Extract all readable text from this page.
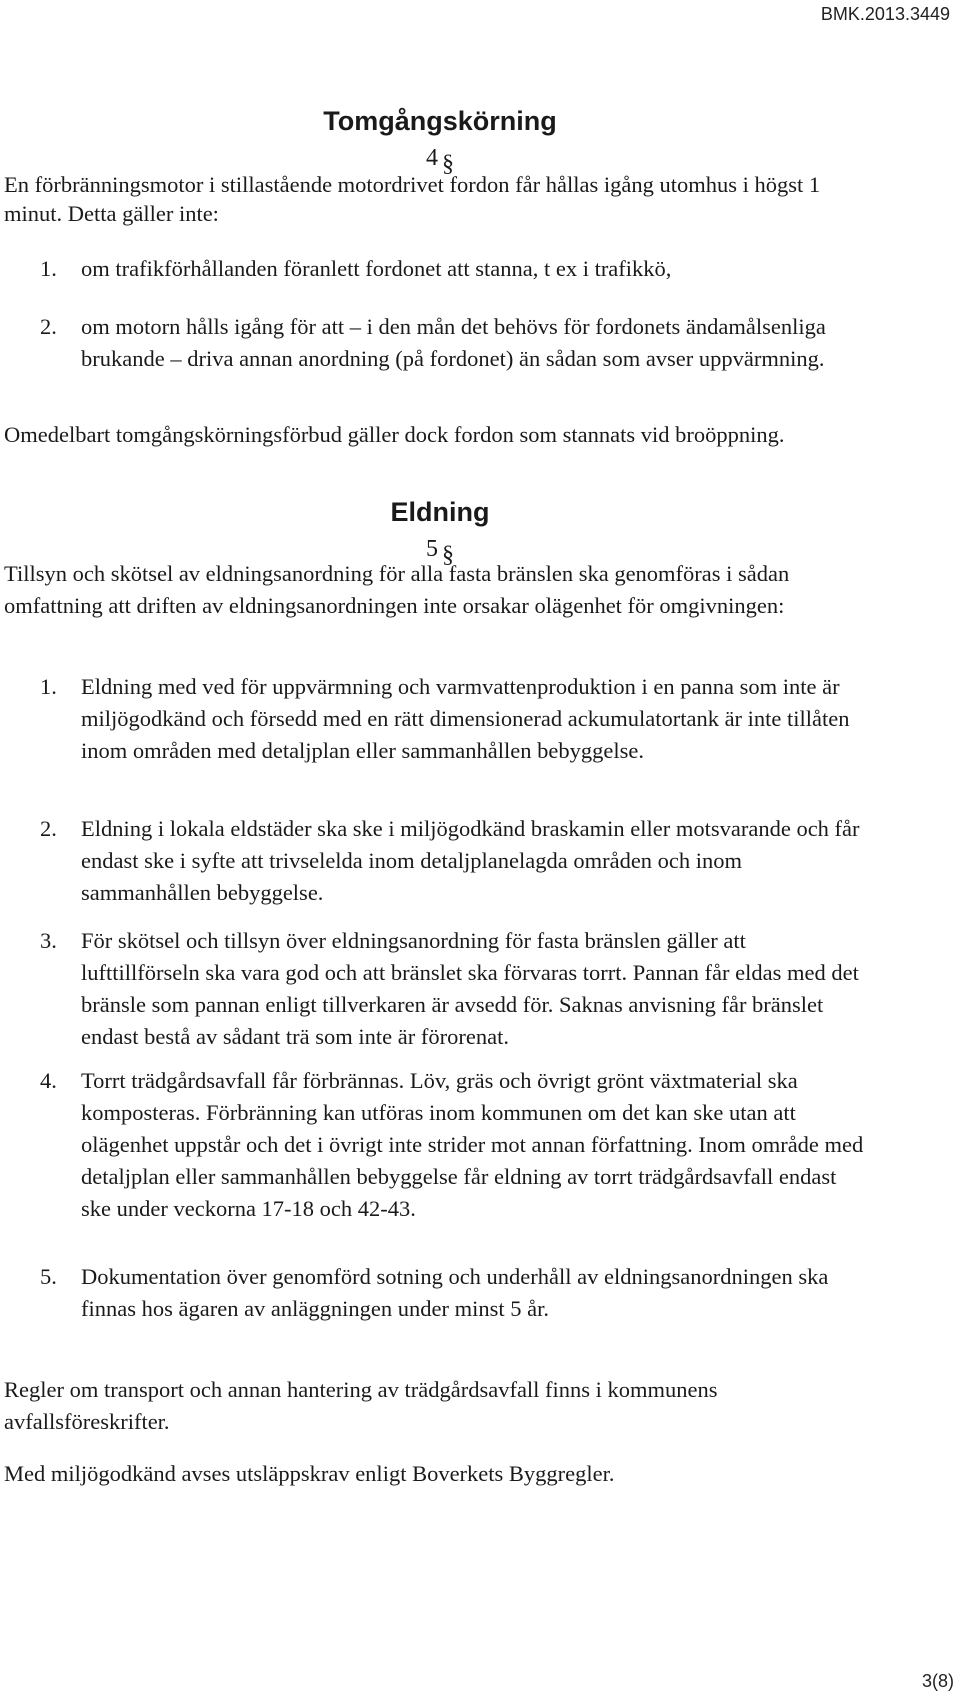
BMK.2013.3449
Tomgångskörning
4 §
En förbränningsmotor i stillastående motordrivet fordon får hållas igång utomhus i högst 1 minut. Detta gäller inte:
1.	om trafikförhållanden föranlett fordonet att stanna, t ex i trafikkö,
2.	om motorn hålls igång för att – i den mån det behövs för fordonets ändamålsenliga brukande – driva annan anordning (på fordonet) än sådan som avser uppvärmning.
Omedelbart tomgångskörningsförbud gäller dock fordon som stannats vid broöppning.
Eldning
5 §
Tillsyn och skötsel av eldningsanordning för alla fasta bränslen ska genomföras i sådan omfattning att driften av eldningsanordningen inte orsakar olägenhet för omgivningen:
1.	Eldning med ved för uppvärmning och varmvattenproduktion i en panna som inte är miljögodkänd och försedd med en rätt dimensionerad ackumulatortank är inte tillåten inom områden med detaljplan eller sammanhållen bebyggelse.
2.	Eldning i lokala eldstäder ska ske i miljögodkänd braskamin eller motsvarande och får endast ske i syfte att trivselelda inom detaljplanelagda områden och inom sammanhållen bebyggelse.
3.	För skötsel och tillsyn över eldningsanordning för fasta bränslen gäller att lufttillförseln ska vara god och att bränslet ska förvaras torrt. Pannan får eldas med det bränsle som pannan enligt tillverkaren är avsedd för. Saknas anvisning får bränslet endast bestå av sådant trä som inte är förorenat.
4.	Torrt trädgårdsavfall får förbrännas. Löv, gräs och övrigt grönt växtmaterial ska komposteras. Förbränning kan utföras inom kommunen om det kan ske utan att olägenhet uppstår och det i övrigt inte strider mot annan författning. Inom område med detaljplan eller sammanhållen bebyggelse får eldning av torrt trädgårdsavfall endast ske under veckorna 17-18 och 42-43.
5.	Dokumentation över genomförd sotning och underhåll av eldningsanordningen ska finnas hos ägaren av anläggningen under minst 5 år.
Regler om transport och annan hantering av trädgårdsavfall finns i kommunens avfallsföreskrifter.
Med miljögodkänd avses utsläppskrav enligt Boverkets Byggregler.
3(8)
